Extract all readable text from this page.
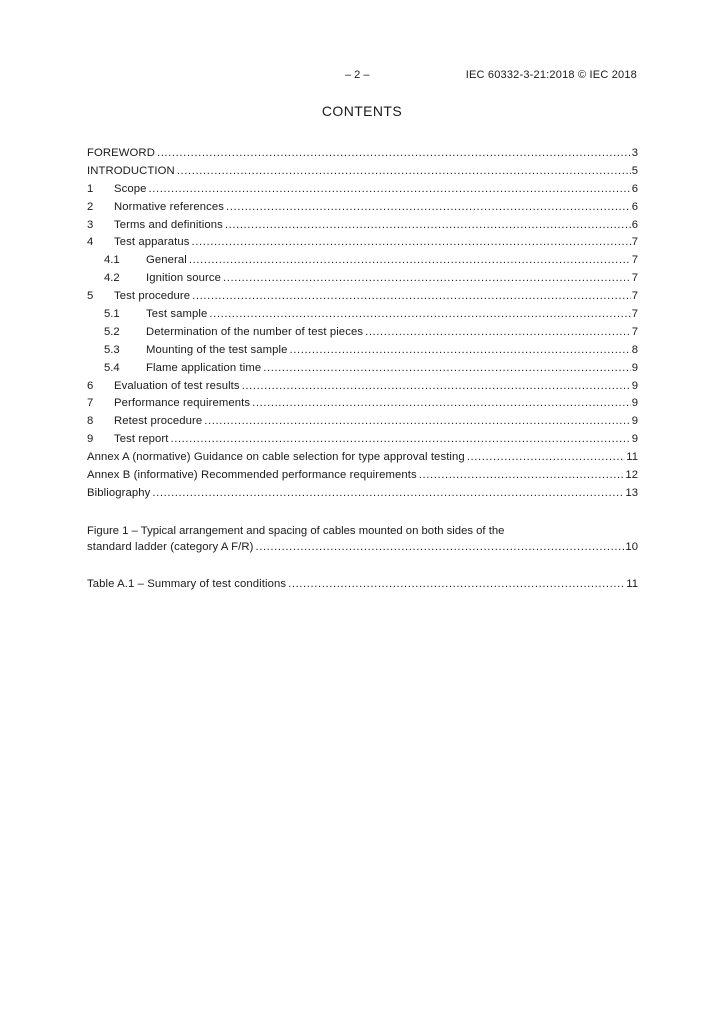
– 2 –	IEC 60332-3-21:2018 © IEC 2018
CONTENTS
FOREWORD .....	3
INTRODUCTION .....	5
1	Scope .....	6
2	Normative references .....	6
3	Terms and definitions .....	6
4	Test apparatus .....	7
4.1	General .....	7
4.2	Ignition source .....	7
5	Test procedure .....	7
5.1	Test sample .....	7
5.2	Determination of the number of test pieces .....	7
5.3	Mounting of the test sample .....	8
5.4	Flame application time .....	9
6	Evaluation of test results .....	9
7	Performance requirements .....	9
8	Retest procedure .....	9
9	Test report .....	9
Annex A (normative) Guidance on cable selection for type approval testing .....	11
Annex B (informative) Recommended performance requirements .....	12
Bibliography .....	13
Figure 1 – Typical arrangement and spacing of cables mounted on both sides of the
standard ladder (category A F/R) .....	10
Table A.1 – Summary of test conditions .....	11
